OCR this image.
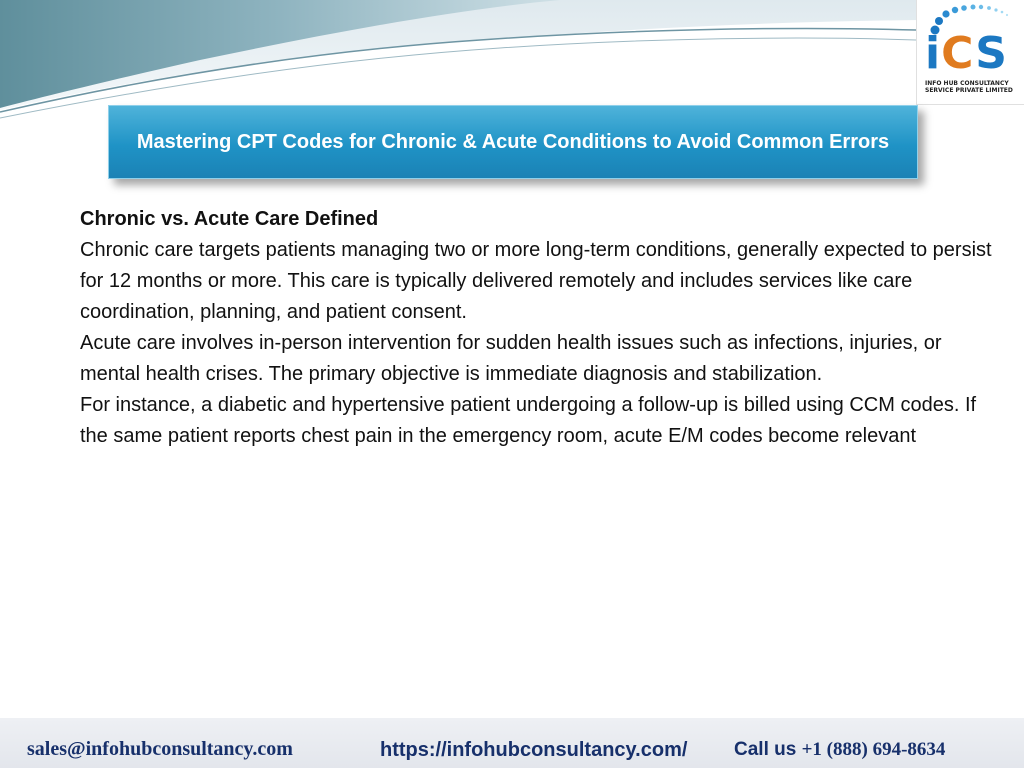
iCS
INFO HUB CONSULTANCY
SERVICE PRIVATE LIMITED
Mastering CPT Codes for Chronic & Acute Conditions to Avoid Common Errors

Chronic vs. Acute Care Defined

Chronic care targets patients managing two or more long-term conditions, generally expected to persist for 12 months or more. This care is typically delivered remotely and includes services like care coordination, planning, and patient consent.

Acute care involves in-person intervention for sudden health issues such as infections, injuries, or mental health crises. The primary objective is immediate diagnosis and stabilization.

For instance, a diabetic and hypertensive patient undergoing a follow-up is billed using CCM codes. If the same patient reports chest pain in the emergency room, acute E/M codes become relevant

sales@infohubconsultancy.com	https://infohubconsultancy.com/ Call us +1 (888) 694-8634
